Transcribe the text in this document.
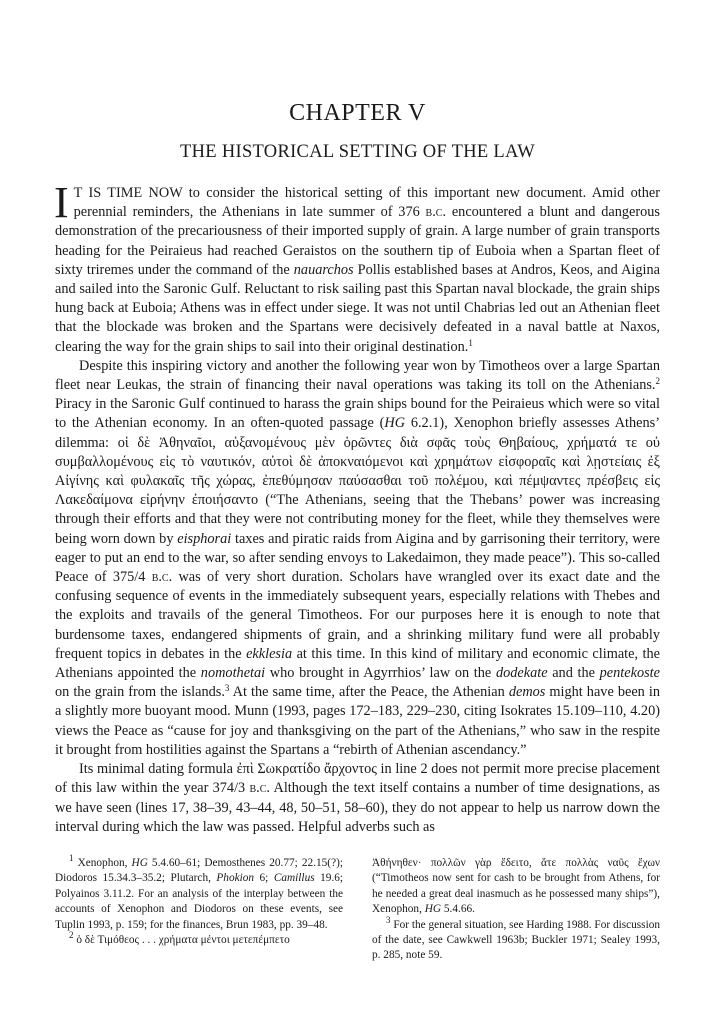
CHAPTER V
THE HISTORICAL SETTING OF THE LAW

I T IS TIME NOW to consider the historical setting of this important new document. Amid other perennial reminders, the Athenians in late summer of 376 b.c. encountered a blunt and dangerous demonstration of the precariousness of their imported supply of grain. A large number of grain transports heading for the Peiraieus had reached Geraistos on the southern tip of Euboia when a Spartan fleet of sixty triremes under the command of the nauarchos Pollis established bases at Andros, Keos, and Aigina and sailed into the Saronic Gulf. Reluctant to risk sailing past this Spartan naval blockade, the grain ships hung back at Euboia; Athens was in effect under siege. It was not until Chabrias led out an Athenian fleet that the blockade was broken and the Spartans were decisively defeated in a naval battle at Naxos, clearing the way for the grain ships to sail into their original destination.$^1$

Despite this inspiring victory and another the following year won by Timotheos over a large Spartan fleet near Leukas, the strain of financing their naval operations was taking its toll on the Athenians.$^2$ Piracy in the Saronic Gulf continued to harass the grain ships bound for the Peiraieus which were so vital to the Athenian economy. In an often-quoted passage (HG 6.2.1), Xenophon briefly assesses Athens’ dilemma: οἱ δὲ Ἀθηναῖοι, αὐξανομένους μὲν ὁρῶντες διὰ σφᾶς τοὺς Θηβαίους, χρήματά τε οὐ συμβαλλομένους εἰς τὸ ναυτικόν, αὐτοὶ δὲ ἀποκναιόμενοι καὶ χρημάτων εἰσφοραῖς καὶ λῃστείαις ἐξ Αἰγίνης καὶ φυλακαῖς τῆς χώρας, ἐπεθύμησαν παύσασθαι τοῦ πολέμου, καὶ πέμψαντες πρέσβεις εἰς Λακεδαίμονα εἰρήνην ἐποιήσαντο (“The Athenians, seeing that the Thebans’ power was increasing through their efforts and that they were not contributing money for the fleet, while they themselves were being worn down by eisphorai taxes and piratic raids from Aigina and by garrisoning their territory, were eager to put an end to the war, so after sending envoys to Lakedaimon, they made peace”). This so-called Peace of 375/4 b.c. was of very short duration. Scholars have wrangled over its exact date and the confusing sequence of events in the immediately subsequent years, especially relations with Thebes and the exploits and travails of the general Timotheos. For our purposes here it is enough to note that burdensome taxes, endangered shipments of grain, and a shrinking military fund were all probably frequent topics in debates in the ekklesia at this time. In this kind of military and economic climate, the Athenians appointed the nomothetai who brought in Agyrrhios’ law on the dodekate and the pentekoste on the grain from the islands.$^3$ At the same time, after the Peace, the Athenian demos might have been in a slightly more buoyant mood. Munn (1993, pages 172–183, 229–230, citing Isokrates 15.109–110, 4.20) views the Peace as “cause for joy and thanksgiving on the part of the Athenians,” who saw in the respite it brought from hostilities against the Spartans a “rebirth of Athenian ascendancy.”

Its minimal dating formula ἐπὶ Σωκρατίδο ἄρχοντος in line 2 does not permit more precise placement of this law within the year 374/3 b.c. Although the text itself contains a number of time designations, as we have seen (lines 17, 38–39, 43–44, 48, 50–51, 58–60), they do not appear to help us narrow down the interval during which the law was passed. Helpful adverbs such as

$^1$ Xenophon, HG 5.4.60–61; Demosthenes 20.77; 22.15(?); Diodoros 15.34.3–35.2; Plutarch, Phokion 6; Camillus 19.6; Polyainos 3.11.2. For an analysis of the interplay between the accounts of Xenophon and Diodoros on these events, see Tuplin 1993, p. 159; for the finances, Brun 1983, pp. 39–48.

$^2$ ὁ δὲ Τιμόθεος . . . χρήματα μέντοι μετεπέμπετο

Ἀθήνηθεν· πολλῶν γὰρ ἔδειτο, ἅτε πολλὰς ναῦς ἔχων (“Timotheos now sent for cash to be brought from Athens, for he needed a great deal inasmuch as he possessed many ships”), Xenophon, HG 5.4.66.

$^3$ For the general situation, see Harding 1988. For discussion of the date, see Cawkwell 1963b; Buckler 1971; Sealey 1993, p. 285, note 59.
